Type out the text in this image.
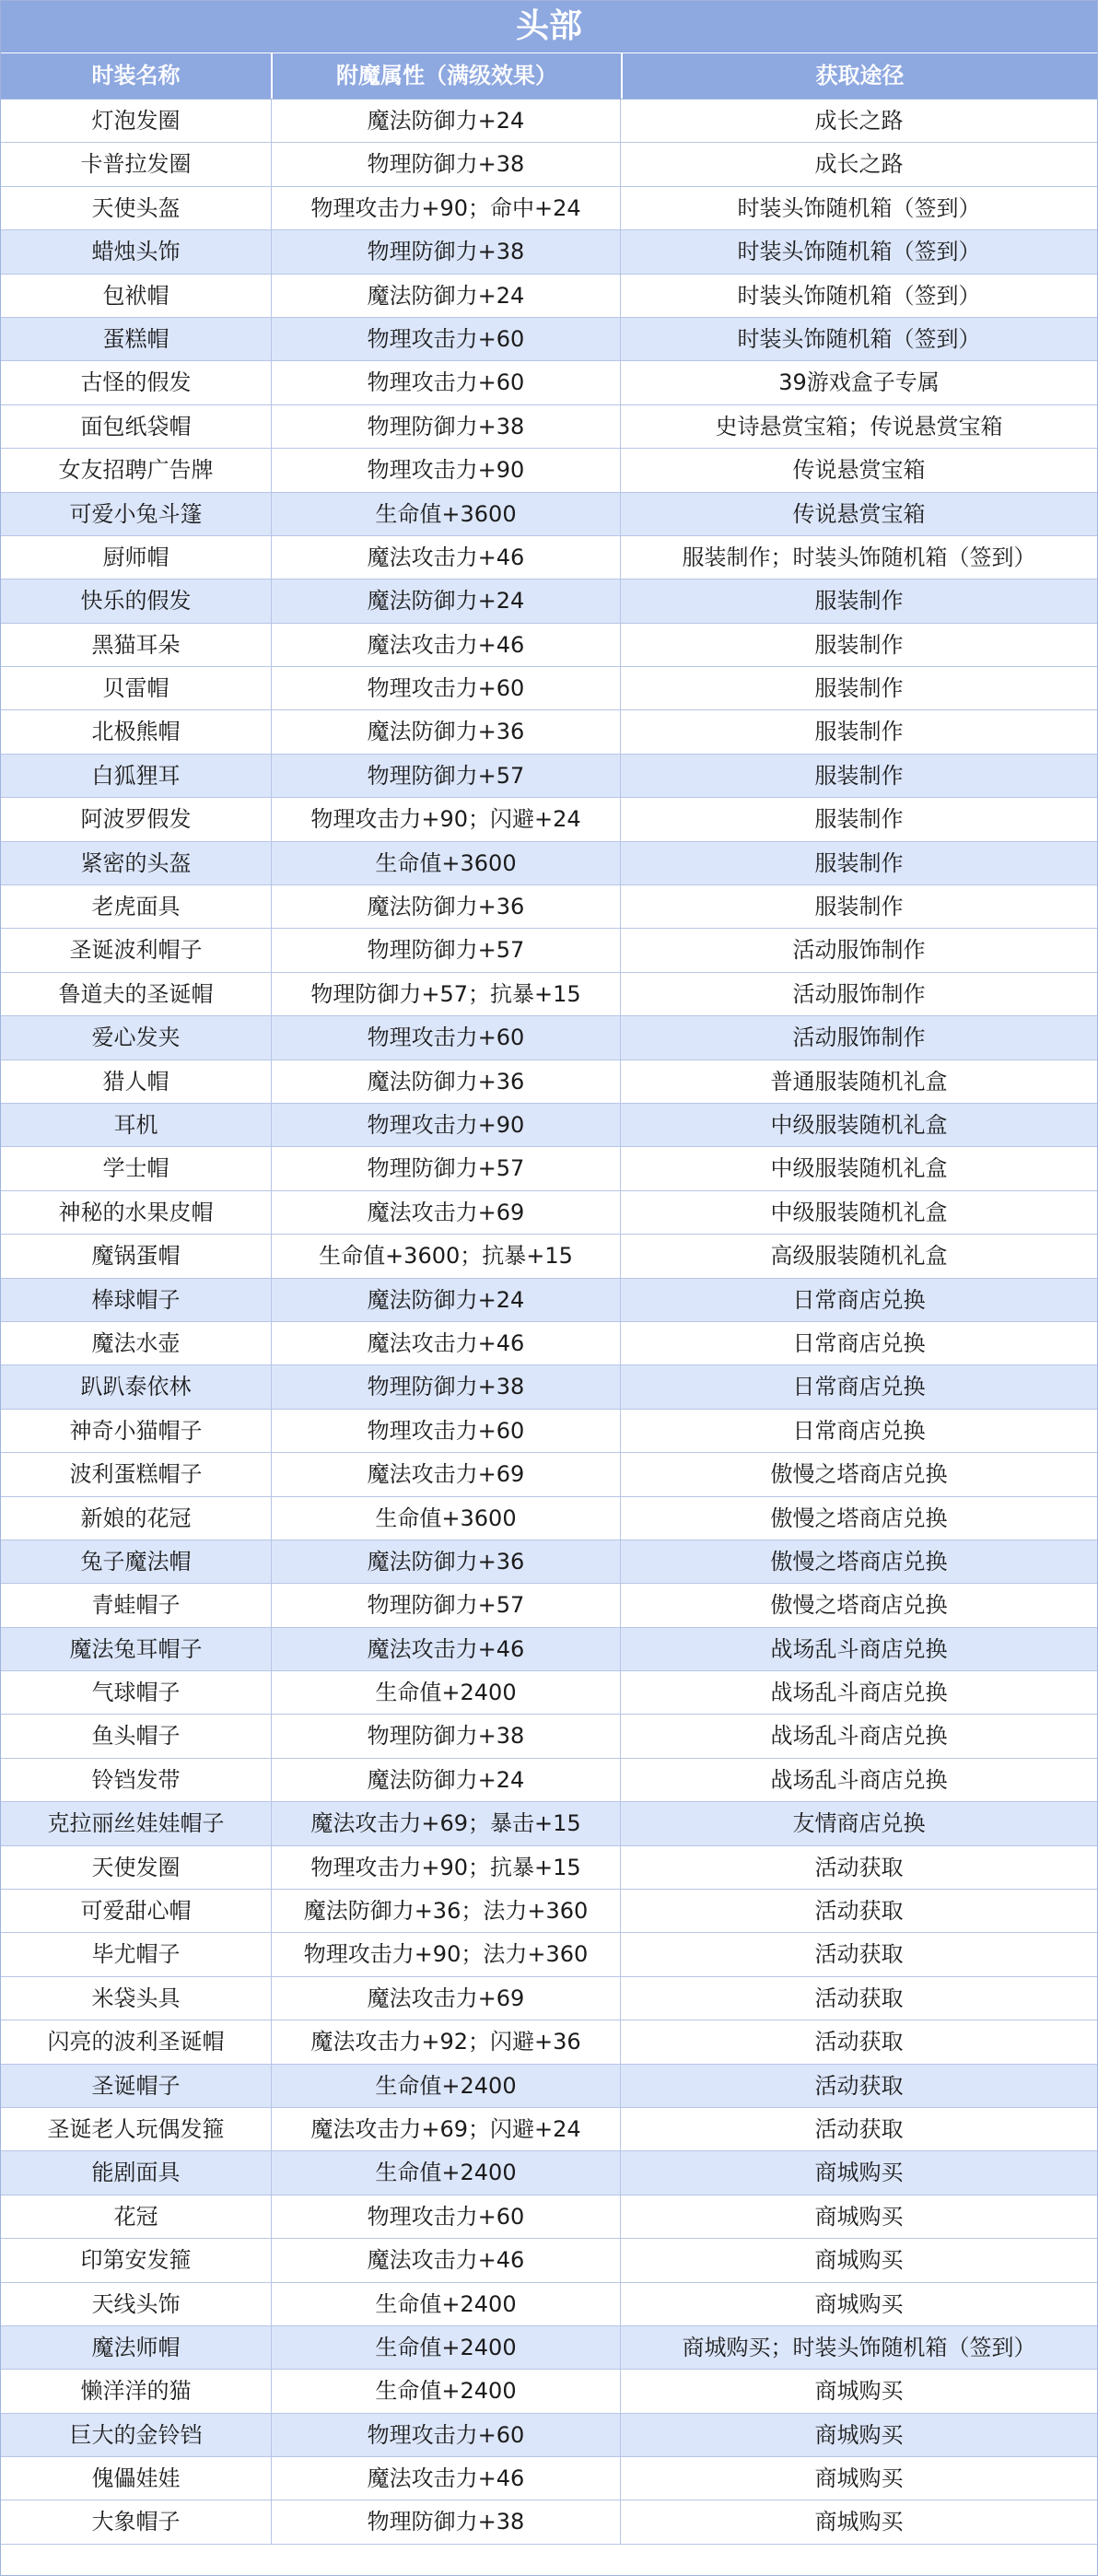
头部
时装名称	附魔属性（满级效果）	获取途径
灯泡发圈	魔法防御力+24	成长之路
卡普拉发圈	物理防御力+38	成长之路
天使头盔	物理攻击力+90；命中+24	时装头饰随机箱（签到）
蜡烛头饰	物理防御力+38	时装头饰随机箱（签到）
包袱帽	魔法防御力+24	时装头饰随机箱（签到）
蛋糕帽	物理攻击力+60	时装头饰随机箱（签到）
古怪的假发	物理攻击力+60	39游戏盒子专属
面包纸袋帽	物理防御力+38	史诗悬赏宝箱；传说悬赏宝箱
女友招聘广告牌	物理攻击力+90	传说悬赏宝箱
可爱小兔斗篷	生命值+3600	传说悬赏宝箱
厨师帽	魔法攻击力+46	服装制作；时装头饰随机箱（签到）
快乐的假发	魔法防御力+24	服装制作
黑猫耳朵	魔法攻击力+46	服装制作
贝雷帽	物理攻击力+60	服装制作
北极熊帽	魔法防御力+36	服装制作
白狐狸耳	物理防御力+57	服装制作
阿波罗假发	物理攻击力+90；闪避+24	服装制作
紧密的头盔	生命值+3600	服装制作
老虎面具	魔法防御力+36	服装制作
圣诞波利帽子	物理防御力+57	活动服饰制作
鲁道夫的圣诞帽	物理防御力+57；抗暴+15	活动服饰制作
爱心发夹	物理攻击力+60	活动服饰制作
猎人帽	魔法防御力+36	普通服装随机礼盒
耳机	物理攻击力+90	中级服装随机礼盒
学士帽	物理防御力+57	中级服装随机礼盒
神秘的水果皮帽	魔法攻击力+69	中级服装随机礼盒
魔锅蛋帽	生命值+3600；抗暴+15	高级服装随机礼盒
棒球帽子	魔法防御力+24	日常商店兑换
魔法水壶	魔法攻击力+46	日常商店兑换
趴趴泰依林	物理防御力+38	日常商店兑换
神奇小猫帽子	物理攻击力+60	日常商店兑换
波利蛋糕帽子	魔法攻击力+69	傲慢之塔商店兑换
新娘的花冠	生命值+3600	傲慢之塔商店兑换
兔子魔法帽	魔法防御力+36	傲慢之塔商店兑换
青蛙帽子	物理防御力+57	傲慢之塔商店兑换
魔法兔耳帽子	魔法攻击力+46	战场乱斗商店兑换
气球帽子	生命值+2400	战场乱斗商店兑换
鱼头帽子	物理防御力+38	战场乱斗商店兑换
铃铛发带	魔法防御力+24	战场乱斗商店兑换
克拉丽丝娃娃帽子	魔法攻击力+69；暴击+15	友情商店兑换
天使发圈	物理攻击力+90；抗暴+15	活动获取
可爱甜心帽	魔法防御力+36；法力+360	活动获取
毕尤帽子	物理攻击力+90；法力+360	活动获取
米袋头具	魔法攻击力+69	活动获取
闪亮的波利圣诞帽	魔法攻击力+92；闪避+36	活动获取
圣诞帽子	生命值+2400	活动获取
圣诞老人玩偶发箍	魔法攻击力+69；闪避+24	活动获取
能剧面具	生命值+2400	商城购买
花冠	物理攻击力+60	商城购买
印第安发箍	魔法攻击力+46	商城购买
天线头饰	生命值+2400	商城购买
魔法师帽	生命值+2400	商城购买；时装头饰随机箱（签到）
懒洋洋的猫	生命值+2400	商城购买
巨大的金铃铛	物理攻击力+60	商城购买
傀儡娃娃	魔法攻击力+46	商城购买
大象帽子	物理防御力+38	商城购买
